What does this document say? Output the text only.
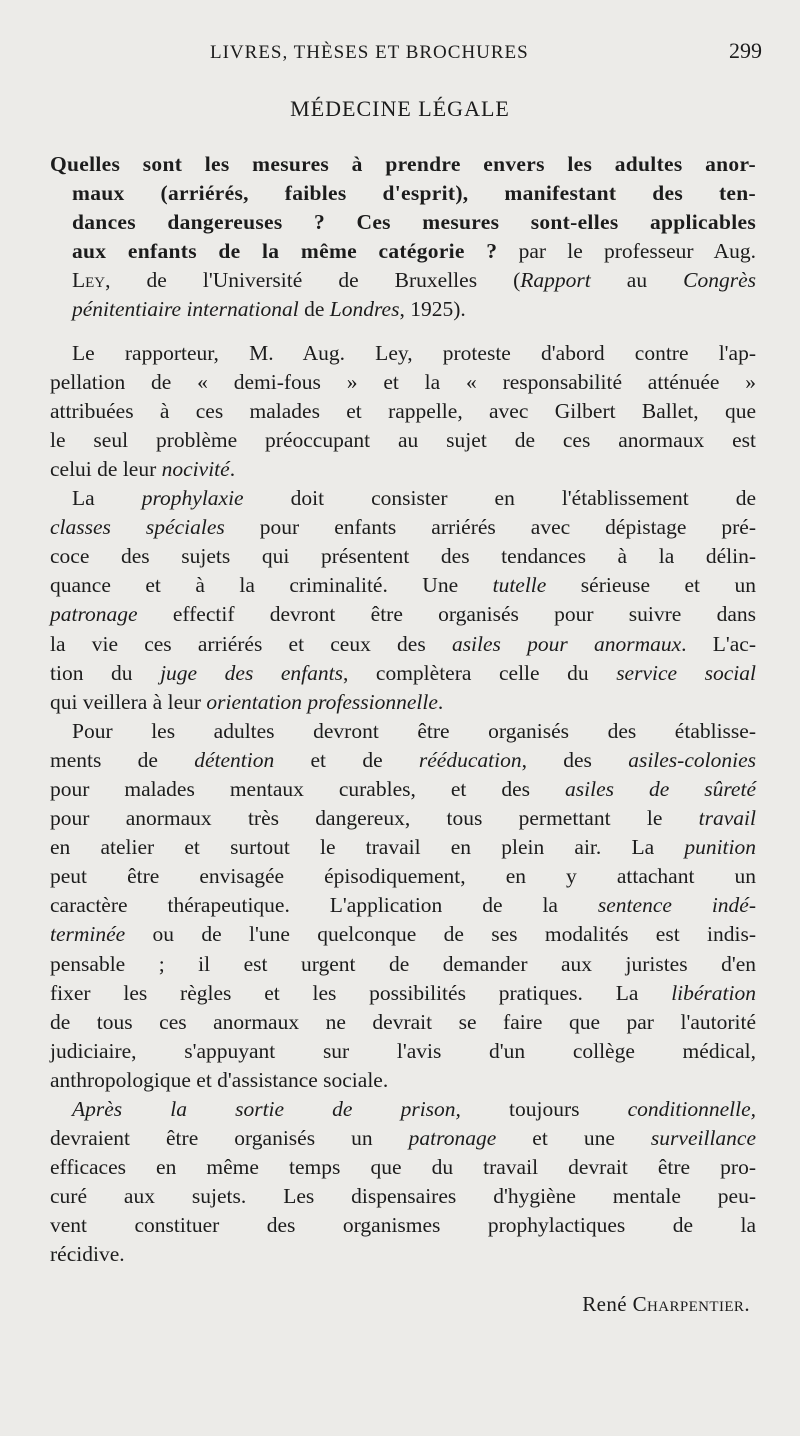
LIVRES, THÈSES ET BROCHURES	299
MÉDECINE LÉGALE
Quelles sont les mesures à prendre envers les adultes anor-
maux (arriérés, faibles d'esprit), manifestant des ten-
dances dangereuses ? Ces mesures sont-elles applicables
aux enfants de la même catégorie ? par le professeur Aug.
Ley, de l'Université de Bruxelles (Rapport au Congrès
pénitentiaire international de Londres, 1925).
Le rapporteur, M. Aug. Ley, proteste d'abord contre l'ap-
pellation de « demi-fous » et la « responsabilité atténuée »
attribuées à ces malades et rappelle, avec Gilbert Ballet, que
le seul problème préoccupant au sujet de ces anormaux est
celui de leur nocivité.
La prophylaxie doit consister en l'établissement de
classes spéciales pour enfants arriérés avec dépistage pré-
coce des sujets qui présentent des tendances à la délin-
quance et à la criminalité. Une tutelle sérieuse et un
patronage effectif devront être organisés pour suivre dans
la vie ces arriérés et ceux des asiles pour anormaux. L'ac-
tion du juge des enfants, complètera celle du service social
qui veillera à leur orientation professionnelle.
Pour les adultes devront être organisés des établisse-
ments de détention et de rééducation, des asiles-colonies
pour malades mentaux curables, et des asiles de sûreté
pour anormaux très dangereux, tous permettant le travail
en atelier et surtout le travail en plein air. La punition
peut être envisagée épisodiquement, en y attachant un
caractère thérapeutique. L'application de la sentence indé-
terminée ou de l'une quelconque de ses modalités est indis-
pensable ; il est urgent de demander aux juristes d'en
fixer les règles et les possibilités pratiques. La libération
de tous ces anormaux ne devrait se faire que par l'autorité
judiciaire, s'appuyant sur l'avis d'un collège médical,
anthropologique et d'assistance sociale.
Après la sortie de prison, toujours conditionnelle,
devraient être organisés un patronage et une surveillance
efficaces en même temps que du travail devrait être pro-
curé aux sujets. Les dispensaires d'hygiène mentale peu-
vent constituer des organismes prophylactiques de la
récidive.
René Charpentier.
